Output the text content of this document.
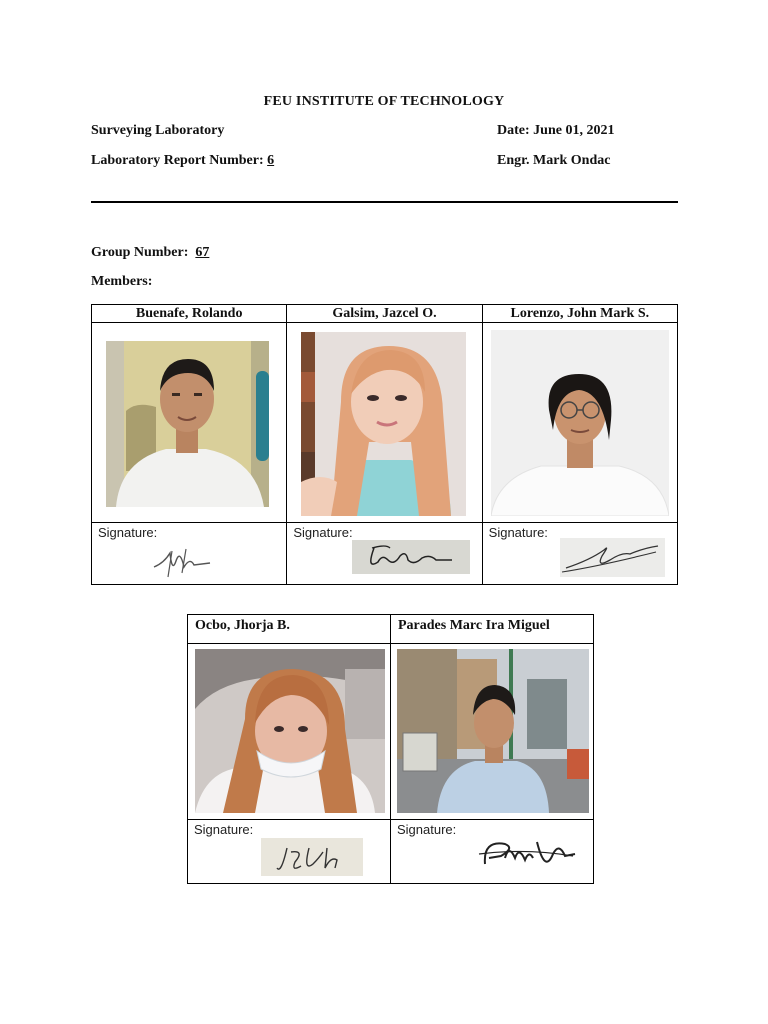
FEU INSTITUTE OF TECHNOLOGY
Surveying Laboratory	Date: June 01, 2021
Laboratory Report Number: 6	Engr. Mark Ondac
Group Number: 67
Members:
Buenafe, Rolando	Galsim, Jazcel O.	Lorenzo, John Mark S.

Signature:	Signature:	Signature:
Ocbo, Jhorja B.	Parades Marc Ira Miguel

Signature:	Signature:
